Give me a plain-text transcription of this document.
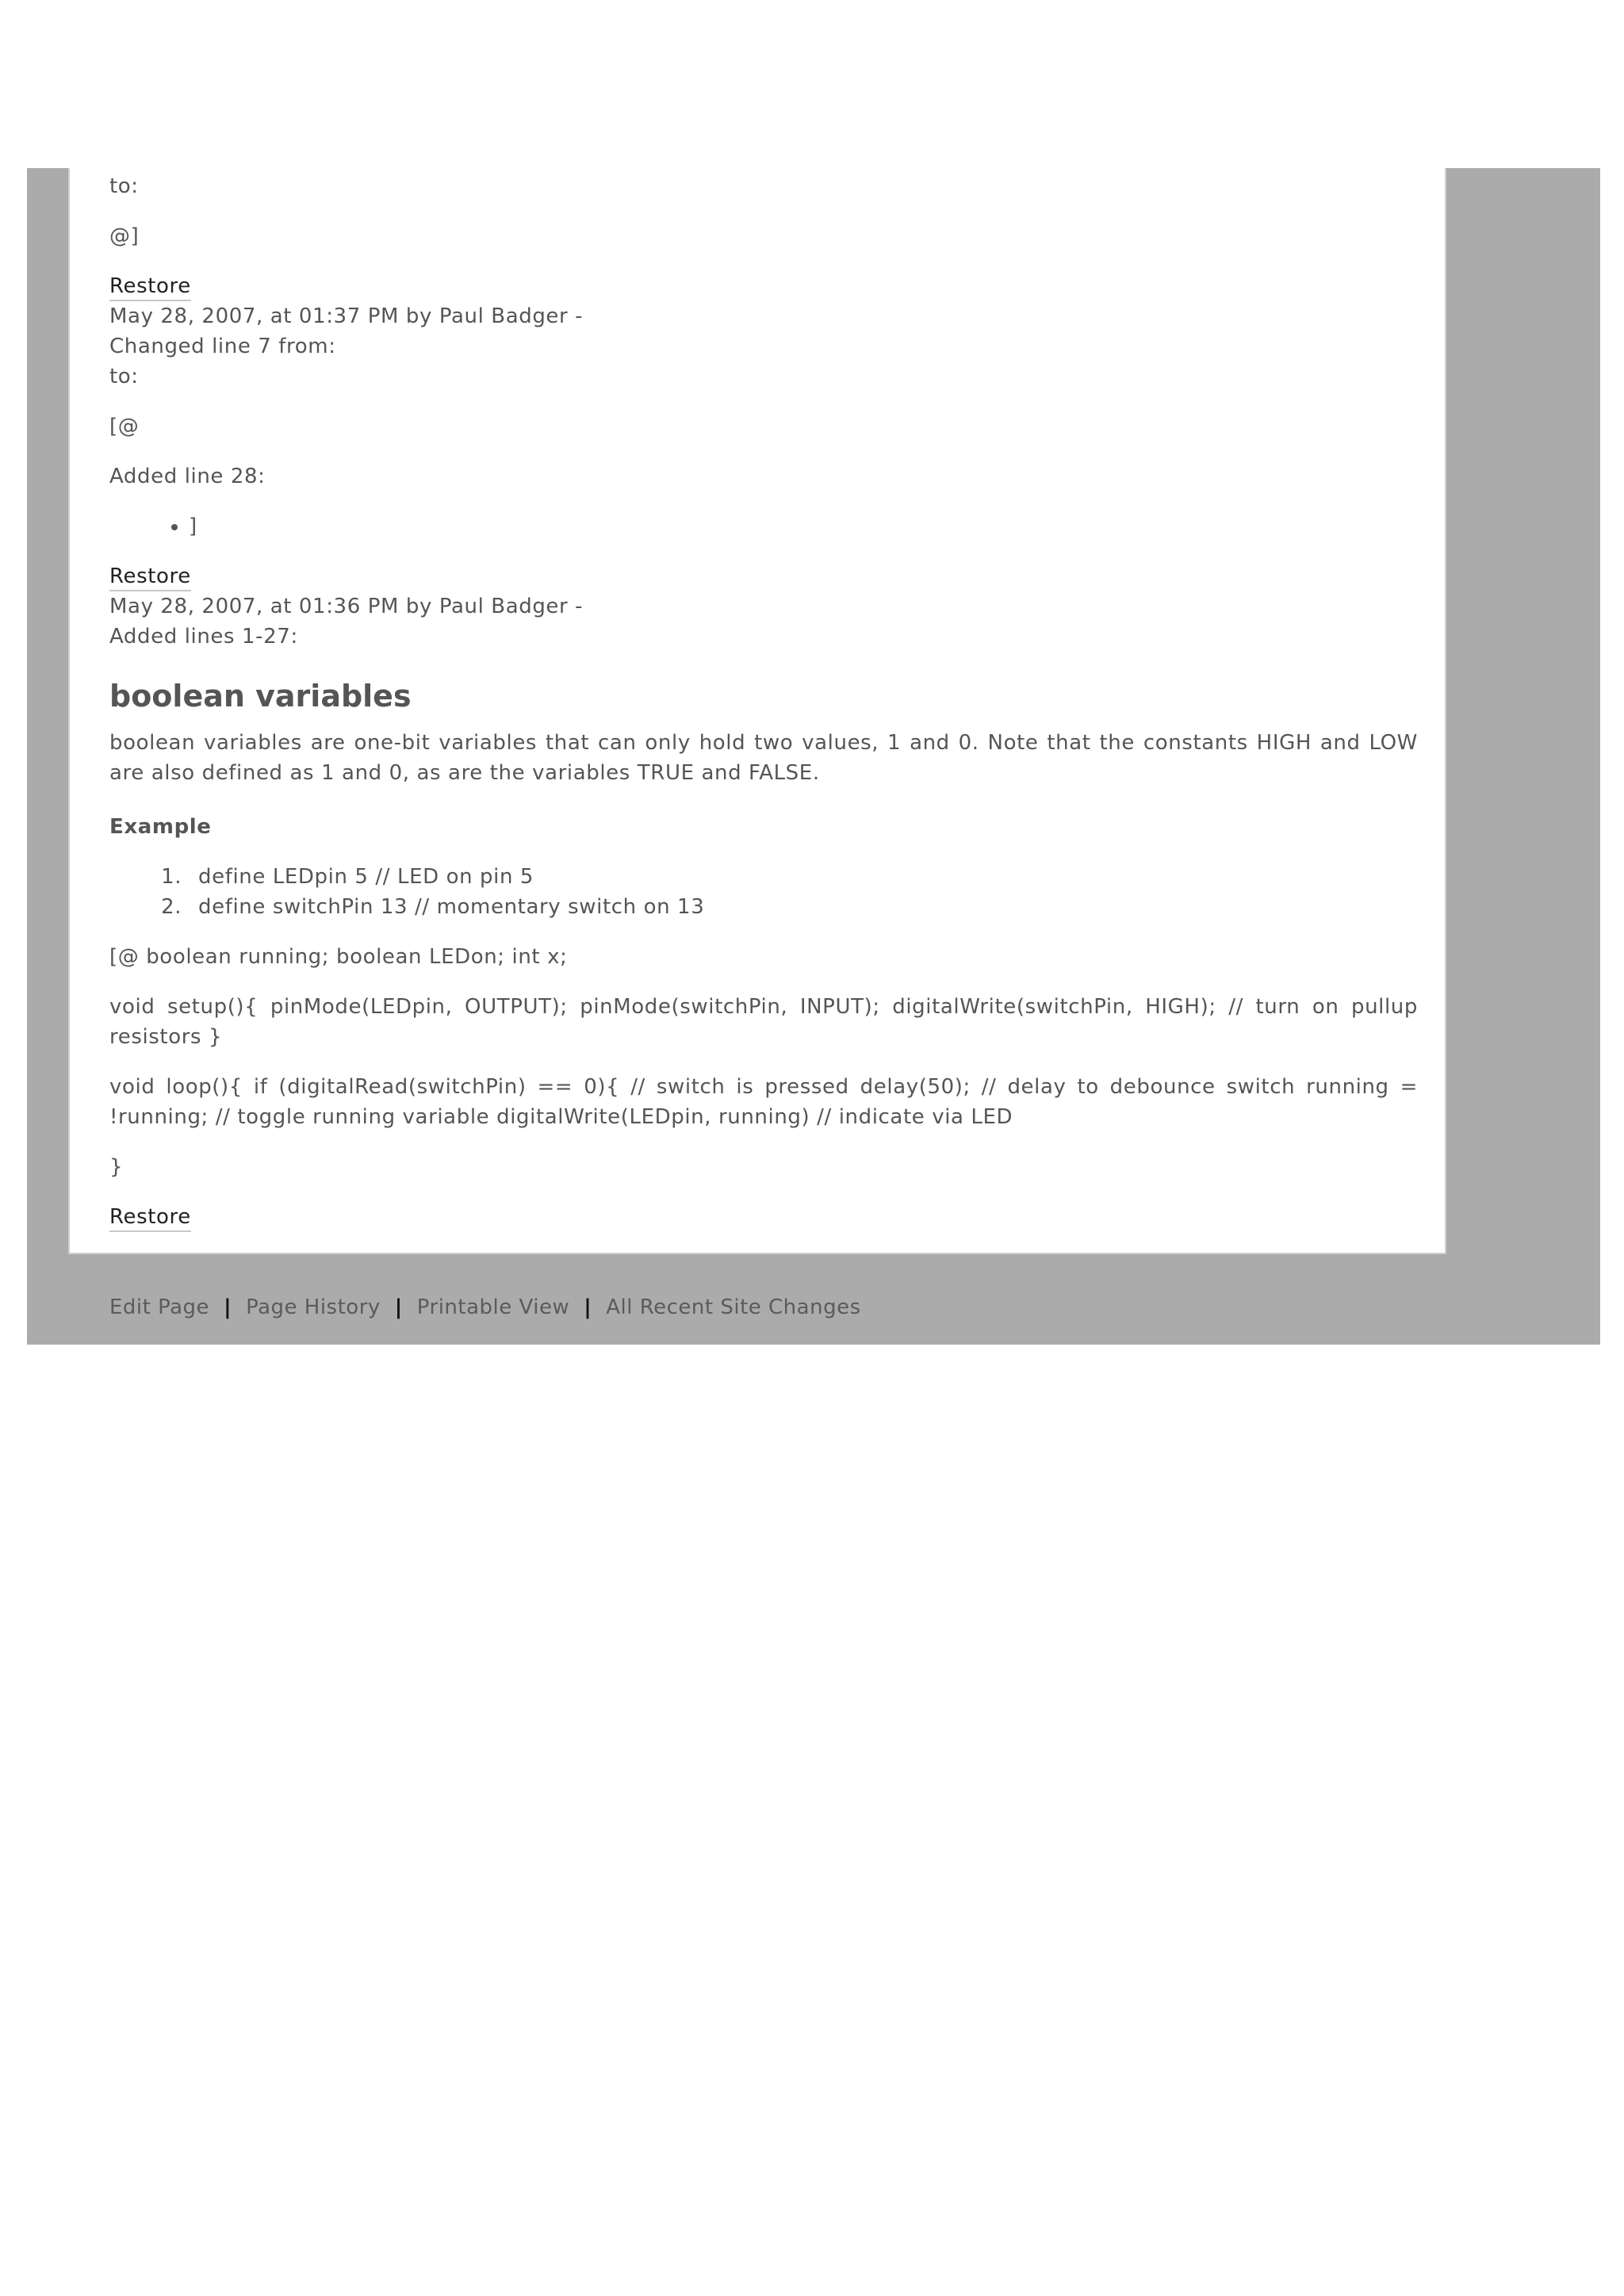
to:

@]

Restore

May 28, 2007, at 01:37 PM by Paul Badger -

Changed line 7 from:

to:

[@

Added line 28:

• ]
Restore

May 28, 2007, at 01:36 PM by Paul Badger -

Added lines 1-27:

boolean variables

boolean variables are one-bit variables that can only hold two values, 1 and 0. Note that the constants HIGH and LOW are also defined as 1 and 0, as are the variables TRUE and FALSE.

Example
1. define LEDpin 5 // LED on pin 5
2. define switchPin 13 // momentary switch on 13

[@ boolean running; boolean LEDon; int x;

void setup(){ pinMode(LEDpin, OUTPUT); pinMode(switchPin, INPUT); digitalWrite(switchPin, HIGH); // turn on pullup resistors }

void loop(){ if (digitalRead(switchPin) == 0){ // switch is pressed delay(50); // delay to debounce switch running = !running; // toggle running variable digitalWrite(LEDpin, running) // indicate via LED

}

Restore
Edit Page | Page History | Printable View | All Recent Site Changes
